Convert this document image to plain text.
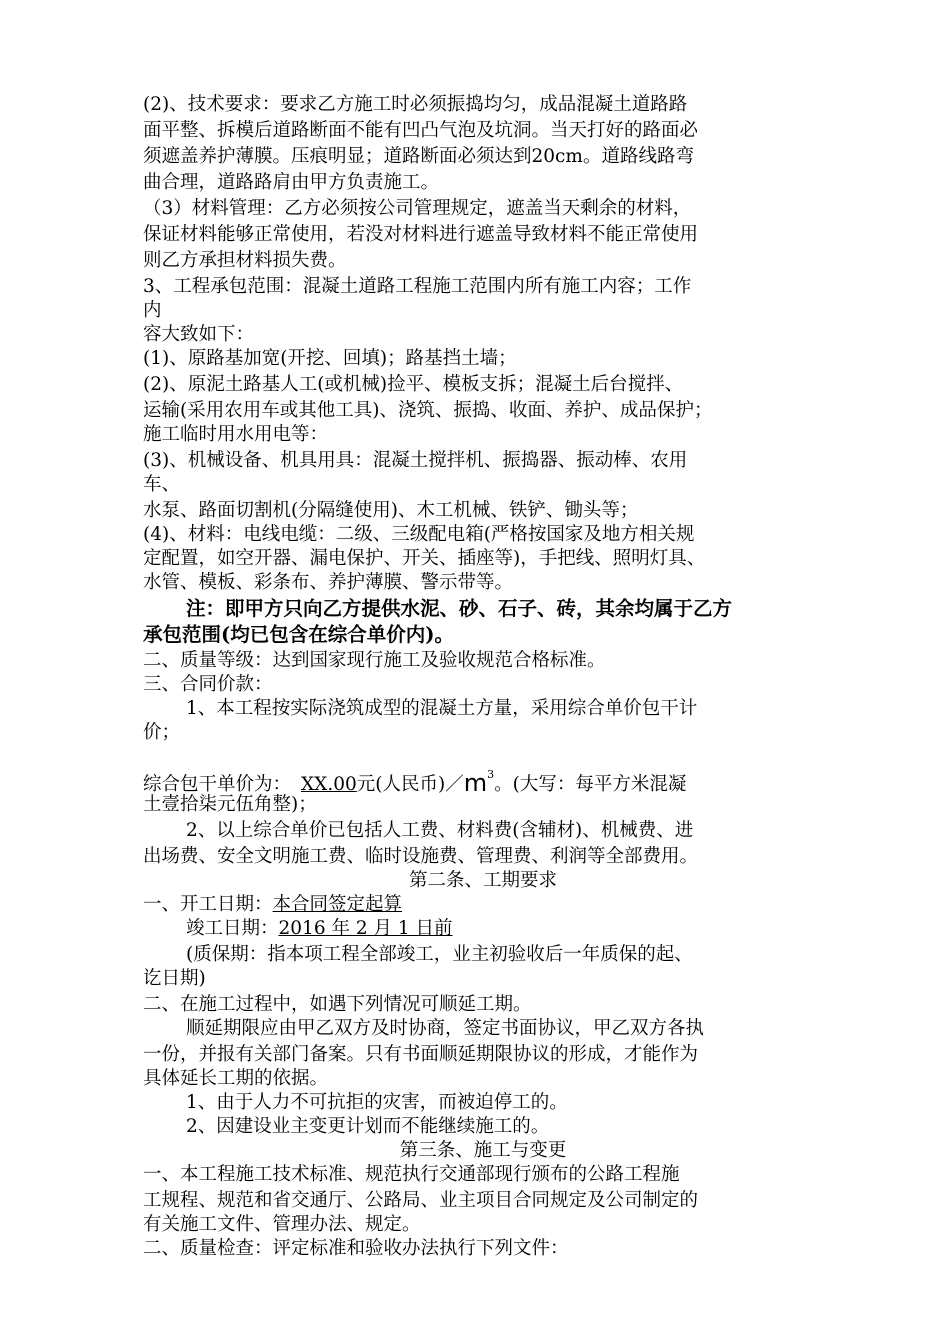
(2)、技术要求：要求乙方施工时必须振捣均匀，成品混凝土道路路
面平整、拆模后道路断面不能有凹凸气泡及坑洞。当天打好的路面必
须遮盖养护薄膜。压痕明显；道路断面必须达到20cm。道路线路弯
曲合理，道路路肩由甲方负责施工。
（3）材料管理：乙方必须按公司管理规定，遮盖当天剩余的材料，
保证材料能够正常使用，若没对材料进行遮盖导致材料不能正常使用
则乙方承担材料损失费。
3、工程承包范围：混凝土道路工程施工范围内所有施工内容；工作
内
容大致如下：
(1)、原路基加宽(开挖、回填)；路基挡土墙；
(2)、原泥土路基人工(或机械)捡平、模板支拆；混凝土后台搅拌、
运输(采用农用车或其他工具)、浇筑、振捣、收面、养护、成品保护；
施工临时用水用电等：
(3)、机械设备、机具用具：混凝土搅拌机、振捣器、振动棒、农用
车、
水泵、路面切割机(分隔缝使用)、木工机械、铁铲、锄头等；
(4)、材料：电线电缆：二级、三级配电箱(严格按国家及地方相关规
定配置，如空开器、漏电保护、开关、插座等)，手把线、照明灯具、
水管、模板、彩条布、养护薄膜、警示带等。
注：即甲方只向乙方提供水泥、砂、石子、砖，其余均属于乙方
承包范围(均已包含在综合单价内)。
二、质量等级：达到国家现行施工及验收规范合格标准。
三、合同价款：
1、本工程按实际浇筑成型的混凝土方量，采用综合单价包干计
价；
综合包干单价为： XX.00元(人民币)$/m^3$。(大写：每平方米混凝
土壹拾柒元伍角整)；
2、以上综合单价已包括人工费、材料费(含辅材)、机械费、进
出场费、安全文明施工费、临时设施费、管理费、利润等全部费用。
第二条、工期要求
一、开工日期：本合同签定起算
竣工日期：2016 年 2 月 1 日前
(质保期：指本项工程全部竣工，业主初验收后一年质保的起、
讫日期)
二、在施工过程中，如遇下列情况可顺延工期。
顺延期限应由甲乙双方及时协商，签定书面协议，甲乙双方各执
一份，并报有关部门备案。只有书面顺延期限协议的形成，才能作为
具体延长工期的依据。
1、由于人力不可抗拒的灾害，而被迫停工的。
2、因建设业主变更计划而不能继续施工的。
第三条、施工与变更
一、本工程施工技术标准、规范执行交通部现行颁布的公路工程施
工规程、规范和省交通厅、公路局、业主项目合同规定及公司制定的
有关施工文件、管理办法、规定。
二、质量检查：评定标准和验收办法执行下列文件：
